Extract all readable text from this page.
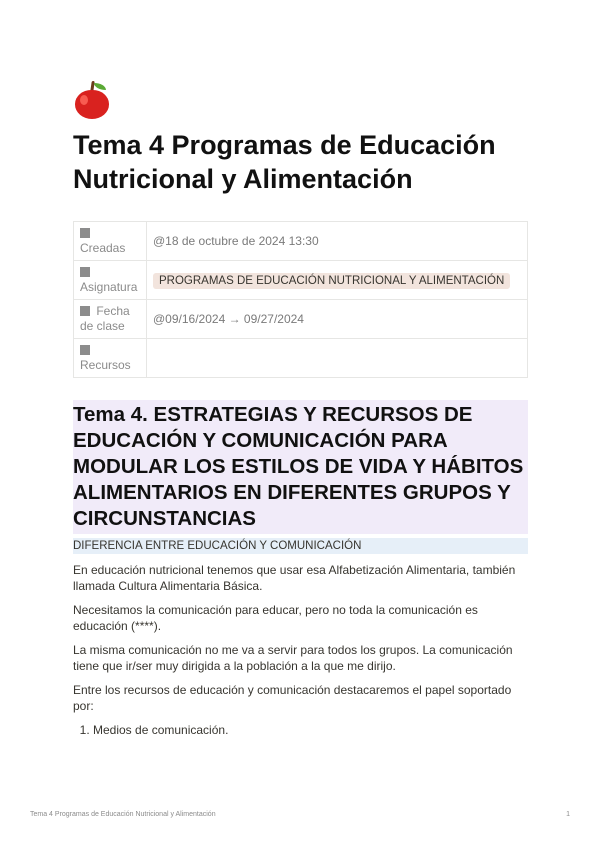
Tema 4 Programas de Educación Nutricional y Alimentación

Creadas	@18 de octubre de 2024 13:30

Asignatura	PROGRAMAS DE EDUCACIÓN NUTRICIONAL Y ALIMENTACIÓN
Fecha de clase	@09/16/2024 → 09/27/2024

Recursos	
Tema 4. ESTRATEGIAS Y RECURSOS DE EDUCACIÓN Y COMUNICACIÓN PARA MODULAR LOS ESTILOS DE VIDA Y HÁBITOS ALIMENTARIOS EN DIFERENTES GRUPOS Y CIRCUNSTANCIAS
DIFERENCIA ENTRE EDUCACIÓN Y COMUNICACIÓN

En educación nutricional tenemos que usar esa Alfabetización Alimentaria, también llamada Cultura Alimentaria Básica.

Necesitamos la comunicación para educar, pero no toda la comunicación es educación (****).

La misma comunicación no me va a servir para todos los grupos. La comunicación tiene que ir/ser muy dirigida a la población a la que me dirijo.

Entre los recursos de educación y comunicación destacaremos el papel soportado por:

1. Medios de comunicación.
Tema 4 Programas de Educación Nutricional y Alimentación	1
